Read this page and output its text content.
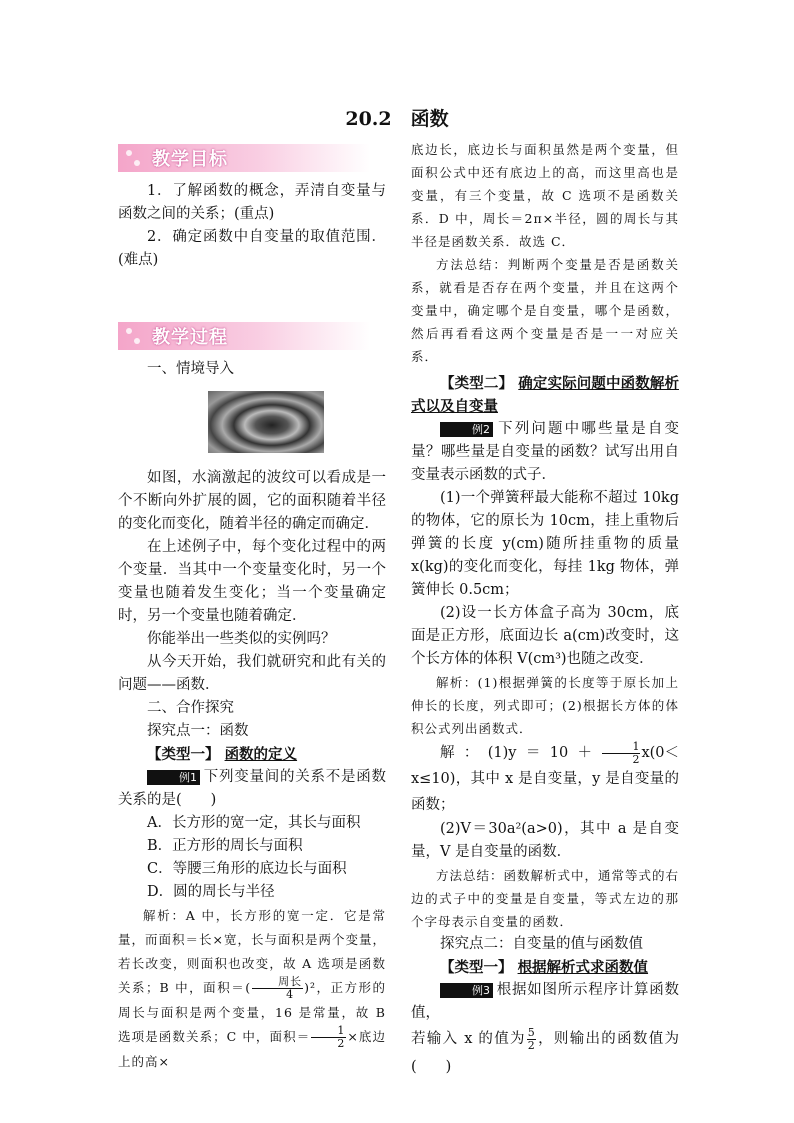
20.2　函数
教学目标

1．了解函数的概念，弄清自变量与函数之间的关系；(重点)

2．确定函数中自变量的取值范围．(难点)

教学过程

一、情境导入

如图，水滴激起的波纹可以看成是一个不断向外扩展的圆，它的面积随着半径的变化而变化，随着半径的确定而确定．

在上述例子中，每个变化过程中的两个变量．当其中一个变量变化时，另一个变量也随着发生变化；当一个变量确定时，另一个变量也随着确定．

你能举出一些类似的实例吗？

从今天开始，我们就研究和此有关的问题——函数．

二、合作探究

探究点一：函数

【类型一】 函数的定义

例1 下列变量间的关系不是函数关系的是(　　)

A．长方形的宽一定，其长与面积

B．正方形的周长与面积

C．等腰三角形的底边长与面积

D．圆的周长与半径

解析：A 中，长方形的宽一定．它是常量，而面积＝长×宽，长与面积是两个变量，若长改变，则面积也改变，故 A 选项是函数关系；B 中，面积＝( $\frac{\text{周长}}{4} )^2$，正方形的周长与面积是两个变量，16 是常量，故 B 选项是函数关系；C 中，面积＝ $\frac{1}{2}$ ×底边上的高×

底边长，底边长与面积虽然是两个变量，但面积公式中还有底边上的高，而这里高也是变量，有三个变量，故 C 选项不是函数关系．D 中，周长＝2π×半径，圆的周长与其半径是函数关系．故选 C．

方法总结：判断两个变量是否是函数关系，就看是否存在两个变量，并且在这两个变量中，确定哪个是自变量，哪个是函数，然后再看看这两个变量是否是一一对应关系．

【类型二】 确定实际问题中函数解析式以及自变量

例2 下列问题中哪些量是自变量？哪些量是自变量的函数？试写出用自变量表示函数的式子．

(1)一个弹簧秤最大能称不超过 10kg 的物体，它的原长为 10cm，挂上重物后弹簧的长度 y(cm)随所挂重物的质量 x(kg)的变化而变化，每挂 1kg 物体，弹簧伸长 0.5cm；

(2)设一长方体盒子高为 30cm，底面是正方形，底面边长 a(cm)改变时，这个长方体的体积 V(cm³)也随之改变．

解析：(1)根据弹簧的长度等于原长加上伸长的长度，列式即可；(2)根据长方体的体积公式列出函数式．

解：$(1)y=10+ \frac{1}{2} x(0<x\le 10)$，其中 x 是自变量，y 是自变量的函数；

(2)V＝30a²(a>0)，其中 a 是自变量，V 是自变量的函数．

方法总结：函数解析式中，通常等式的右边的式子中的变量是自变量，等式左边的那个字母表示自变量的函数．

探究点二：自变量的值与函数值

【类型一】 根据解析式求函数值

例3 根据如图所示程序计算函数值，

若输入 x 的值为 $\frac{5}{2}$ ，则输出的函数值为(　　)
